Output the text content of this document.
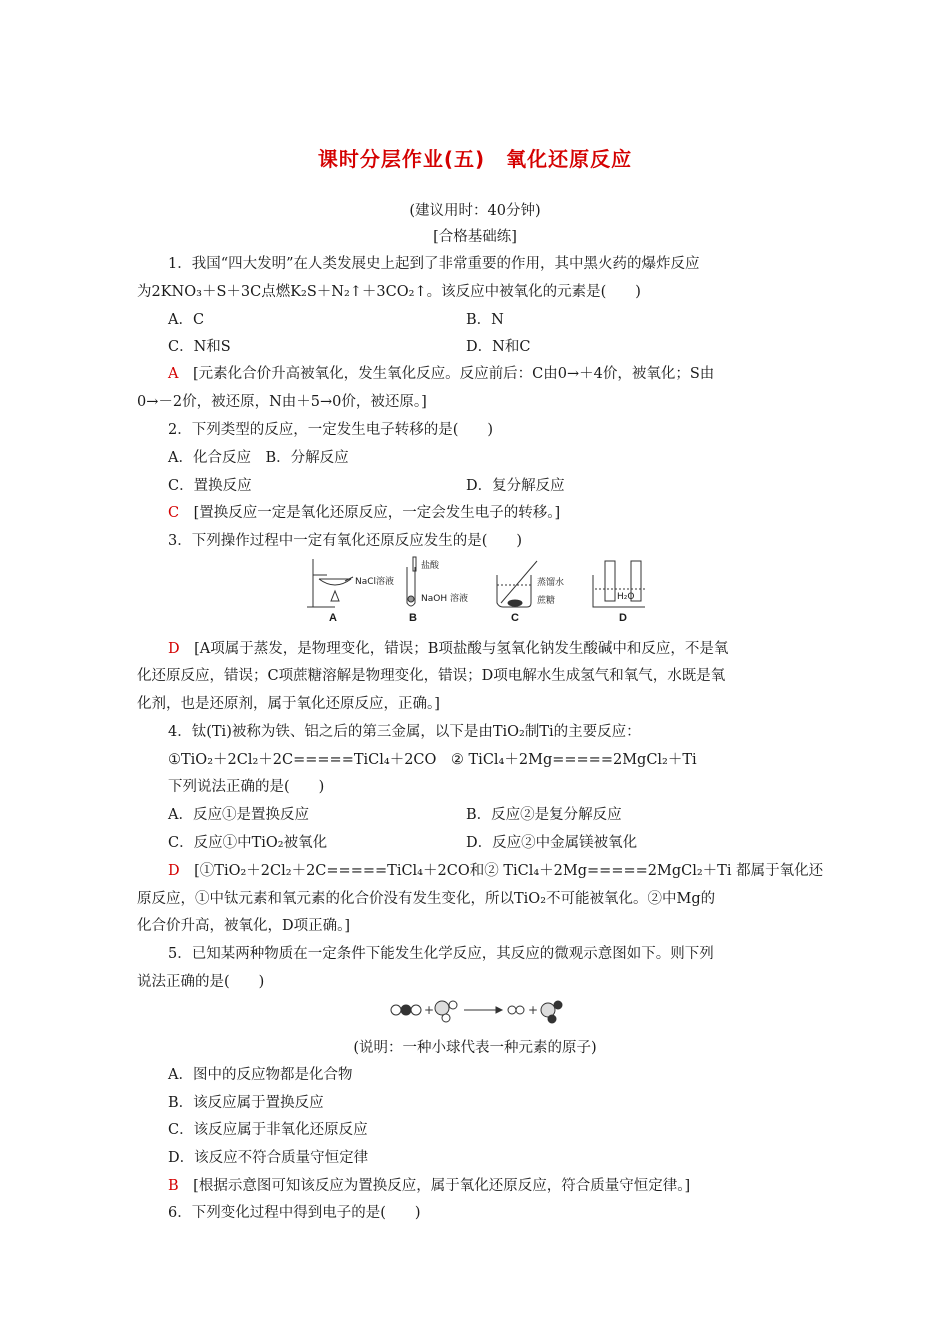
课时分层作业(五)　氧化还原反应
(建议用时：40分钟)
[合格基础练]
1．我国“四大发明”在人类发展史上起到了非常重要的作用，其中黑火药的爆炸反应
为2KNO₃＋S＋3C点燃K₂S＋N₂↑＋3CO₂↑。该反应中被氧化的元素是(　　)
A．C	B．N
C．N和S	D．N和C
A　 [元素化合价升高被氧化，发生氧化反应。反应前后：C由0→＋4价，被氧化；S由
0→－2价，被还原，N由＋5→0价，被还原。]
2．下列类型的反应，一定发生电子转移的是(　　)
A．化合反应　B．分解反应
C．置换反应	D．复分解反应
C　 [置换反应一定是氧化还原反应，一定会发生电子的转移。]
3．下列操作过程中一定有氧化还原反应发生的是(　　)
NaCl溶液
盐酸
NaOH 溶液
蒸馏水
蔗糖	H₂O
A	B	C	D
D　 [A项属于蒸发，是物理变化，错误；B项盐酸与氢氧化钠发生酸碱中和反应，不是氧
化还原反应，错误；C项蔗糖溶解是物理变化，错误；D项电解水生成氢气和氧气，水既是氧
化剂，也是还原剂，属于氧化还原反应，正确。]
4．钛(Ti)被称为铁、铝之后的第三金属，以下是由TiO₂制Ti的主要反应：
①TiO₂＋2Cl₂＋2C=====TiCl₄＋2CO　② TiCl₄＋2Mg=====2MgCl₂＋Ti
下列说法正确的是(　　)
A．反应①是置换反应	B．反应②是复分解反应
C．反应①中TiO₂被氧化	D．反应②中金属镁被氧化
D　 [①TiO₂＋2Cl₂＋2C=====TiCl₄＋2CO和② TiCl₄＋2Mg=====2MgCl₂＋Ti 都属于氧化还
原反应，①中钛元素和氧元素的化合价没有发生变化，所以TiO₂不可能被氧化。②中Mg的
化合价升高，被氧化，D项正确。]
5．已知某两种物质在一定条件下能发生化学反应，其反应的微观示意图如下。则下列
说法正确的是(　　)
+	+
(说明：一种小球代表一种元素的原子)
A．图中的反应物都是化合物
B．该反应属于置换反应
C．该反应属于非氧化还原反应
D．该反应不符合质量守恒定律
B　 [根据示意图可知该反应为置换反应，属于氧化还原反应，符合质量守恒定律。]
6．下列变化过程中得到电子的是(　　)
